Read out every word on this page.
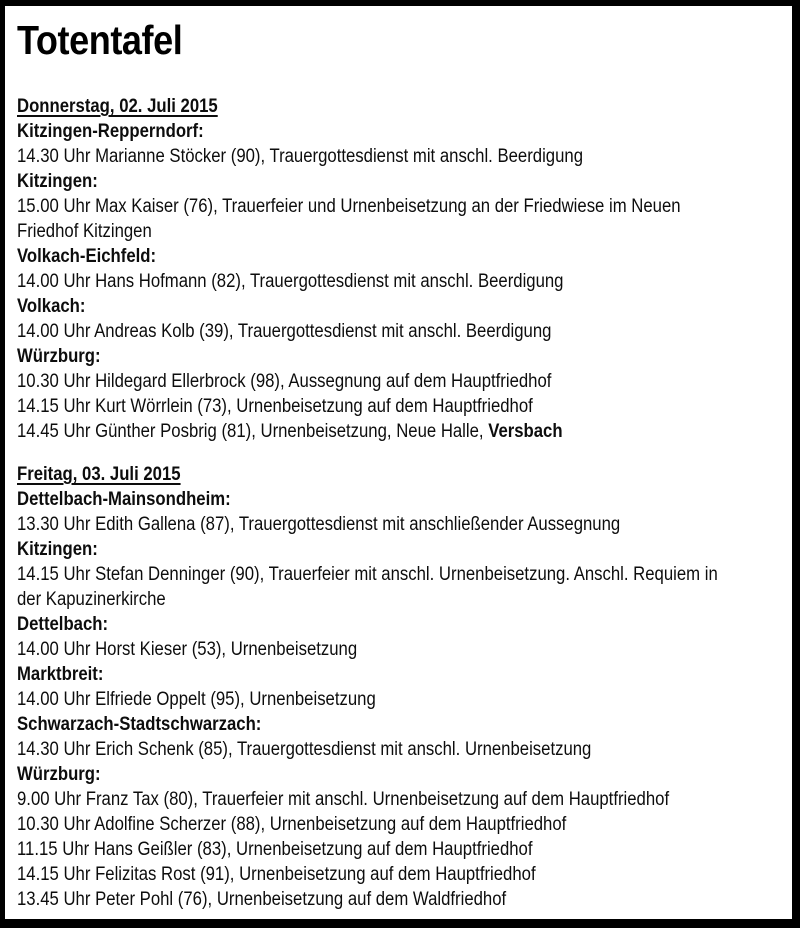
Totentafel
Donnerstag, 02. Juli 2015
Kitzingen-Repperndorf:
14.30 Uhr Marianne Stöcker (90), Trauergottesdienst mit anschl. Beerdigung
Kitzingen:
15.00 Uhr Max Kaiser (76), Trauerfeier und Urnenbeisetzung an der Friedwiese im Neuen
Friedhof Kitzingen
Volkach-Eichfeld:
14.00 Uhr Hans Hofmann (82), Trauergottesdienst mit anschl. Beerdigung
Volkach:
14.00 Uhr Andreas Kolb (39), Trauergottesdienst mit anschl. Beerdigung
Würzburg:
10.30 Uhr Hildegard Ellerbrock (98), Aussegnung auf dem Hauptfriedhof
14.15 Uhr Kurt Wörrlein (73), Urnenbeisetzung auf dem Hauptfriedhof
14.45 Uhr Günther Posbrig (81), Urnenbeisetzung, Neue Halle, Versbach
Freitag, 03. Juli 2015
Dettelbach-Mainsondheim:
13.30 Uhr Edith Gallena (87), Trauergottesdienst mit anschließender Aussegnung
Kitzingen:
14.15 Uhr Stefan Denninger (90), Trauerfeier mit anschl. Urnenbeisetzung. Anschl. Requiem in
der Kapuzinerkirche
Dettelbach:
14.00 Uhr Horst Kieser (53), Urnenbeisetzung
Marktbreit:
14.00 Uhr Elfriede Oppelt (95), Urnenbeisetzung
Schwarzach-Stadtschwarzach:
14.30 Uhr Erich Schenk (85), Trauergottesdienst mit anschl. Urnenbeisetzung
Würzburg:
9.00 Uhr Franz Tax (80), Trauerfeier mit anschl. Urnenbeisetzung auf dem Hauptfriedhof
10.30 Uhr Adolfine Scherzer (88), Urnenbeisetzung auf dem Hauptfriedhof
11.15 Uhr Hans Geißler (83), Urnenbeisetzung auf dem Hauptfriedhof
14.15 Uhr Felizitas Rost (91), Urnenbeisetzung auf dem Hauptfriedhof
13.45 Uhr Peter Pohl (76), Urnenbeisetzung auf dem Waldfriedhof
